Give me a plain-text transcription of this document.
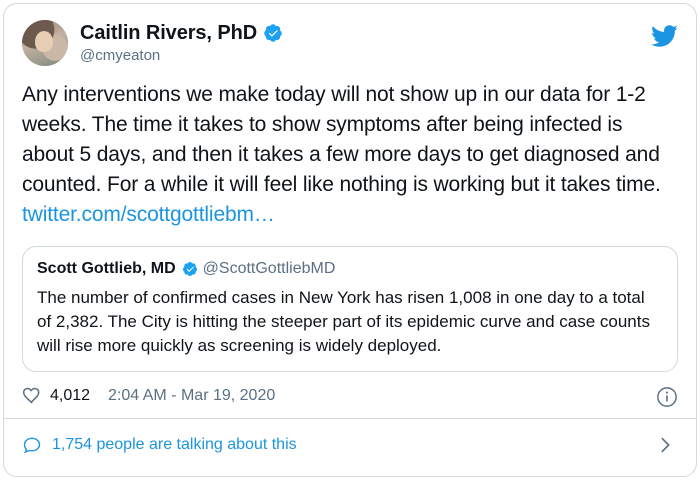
Caitlin Rivers, PhD
@cmyeaton
Any interventions we make today will not show up in our data for 1-2 weeks. The time it takes to show symptoms after being infected is about 5 days, and then it takes a few more days to get diagnosed and counted. For a while it will feel like nothing is working but it takes time. twitter.com/scottgottliebm…
Scott Gottlieb, MD @ScottGottliebMD
The number of confirmed cases in New York has risen 1,008 in one day to a total of 2,382. The City is hitting the steeper part of its epidemic curve and case counts will rise more quickly as screening is widely deployed.
4,012 2:04 AM - Mar 19, 2020
1,754 people are talking about this
